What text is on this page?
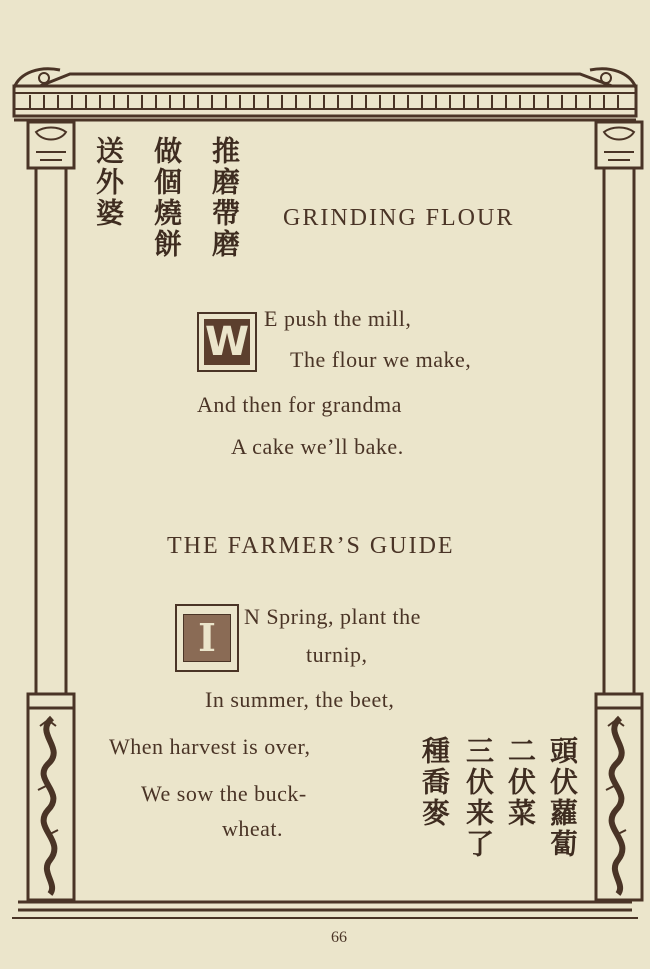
推磨帶磨
做個燒餅
送外婆	GRINDING FLOUR
W
E push the mill,
The flour we make,
And then for grandma
A cake we’ll bake.
THE FARMER’S GUIDE
I	N Spring, plant the
turnip,
In summer, the beet,
When harvest is over,
We sow the buck-
wheat.	頭伏蘿蔔
二伏菜
三伏来了
種喬麥
66
